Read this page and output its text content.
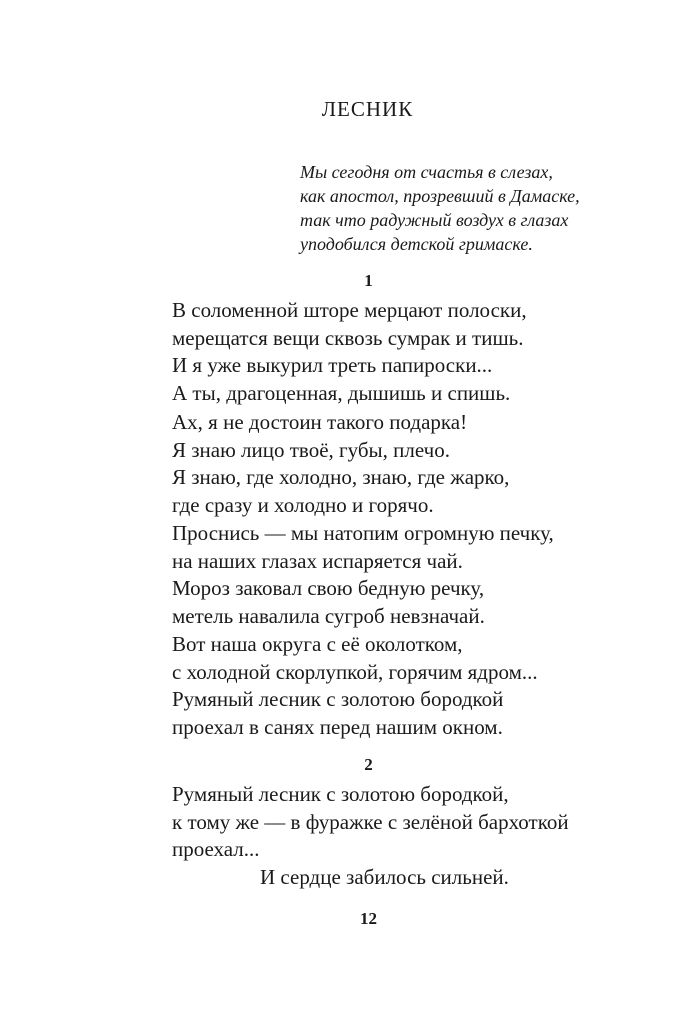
ЛЕСНИК
Мы сегодня от счастья в слезах,
как апостол, прозревший в Дамаске,
так что радужный воздух в глазах
уподобился детской гримаске.
1
В соломенной шторе мерцают полоски,
мерещатся вещи сквозь сумрак и тишь.
И я уже выкурил треть папироски...
А ты, драгоценная, дышишь и спишь.
Ах, я не достоин такого подарка!
Я знаю лицо твоё, губы, плечо.
Я знаю, где холодно, знаю, где жарко,
где сразу и холодно и горячо.
Проснись — мы натопим огромную печку,
на наших глазах испаряется чай.
Мороз заковал свою бедную речку,
метель навалила сугроб невзначай.
Вот наша округа с её околотком,
с холодной скорлупкой, горячим ядром...
Румяный лесник с золотою бородкой
проехал в санях перед нашим окном.
2
Румяный лесник с золотою бородкой,
к тому же — в фуражке с зелёной бархоткой
проехал...
И сердце забилось сильней.
12
